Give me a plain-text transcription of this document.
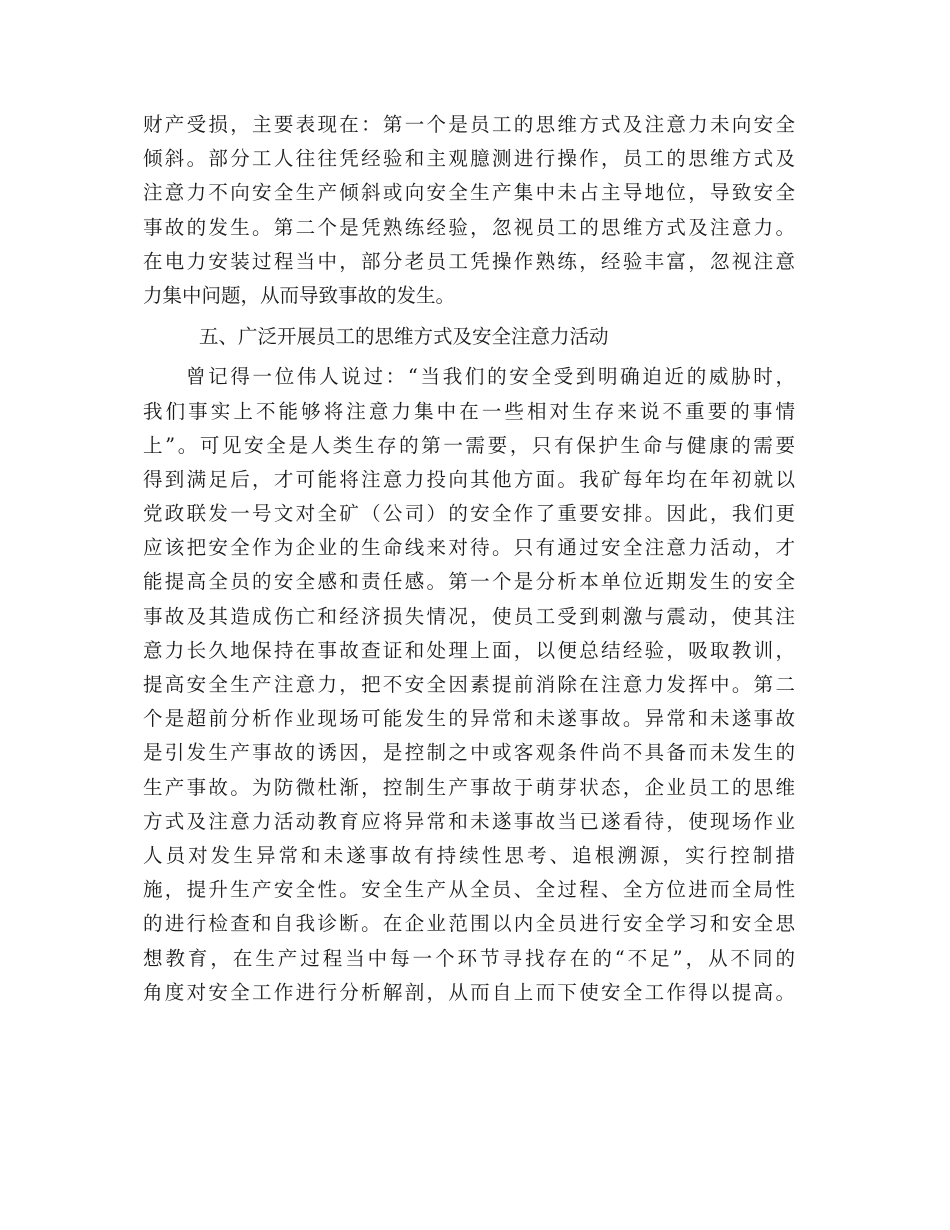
财产受损，主要表现在：第一个是员工的思维方式及注意力未向安全
倾斜。部分工人往往凭经验和主观臆测进行操作，员工的思维方式及
注意力不向安全生产倾斜或向安全生产集中未占主导地位，导致安全
事故的发生。第二个是凭熟练经验，忽视员工的思维方式及注意力。
在电力安装过程当中，部分老员工凭操作熟练，经验丰富，忽视注意
力集中问题，从而导致事故的发生。
五、广泛开展员工的思维方式及安全注意力活动
曾记得一位伟人说过：“当我们的安全受到明确迫近的威胁时，
我们事实上不能够将注意力集中在一些相对生存来说不重要的事情
上”。可见安全是人类生存的第一需要，只有保护生命与健康的需要
得到满足后，才可能将注意力投向其他方面。我矿每年均在年初就以
党政联发一号文对全矿（公司）的安全作了重要安排。因此，我们更
应该把安全作为企业的生命线来对待。只有通过安全注意力活动，才
能提高全员的安全感和责任感。第一个是分析本单位近期发生的安全
事故及其造成伤亡和经济损失情况，使员工受到刺激与震动，使其注
意力长久地保持在事故查证和处理上面，以便总结经验，吸取教训，
提高安全生产注意力，把不安全因素提前消除在注意力发挥中。第二
个是超前分析作业现场可能发生的异常和未遂事故。异常和未遂事故
是引发生产事故的诱因，是控制之中或客观条件尚不具备而未发生的
生产事故。为防微杜渐，控制生产事故于萌芽状态，企业员工的思维
方式及注意力活动教育应将异常和未遂事故当已遂看待，使现场作业
人员对发生异常和未遂事故有持续性思考、追根溯源，实行控制措
施，提升生产安全性。安全生产从全员、全过程、全方位进而全局性
的进行检查和自我诊断。在企业范围以内全员进行安全学习和安全思
想教育，在生产过程当中每一个环节寻找存在的“不足”，从不同的
角度对安全工作进行分析解剖，从而自上而下使安全工作得以提高。
